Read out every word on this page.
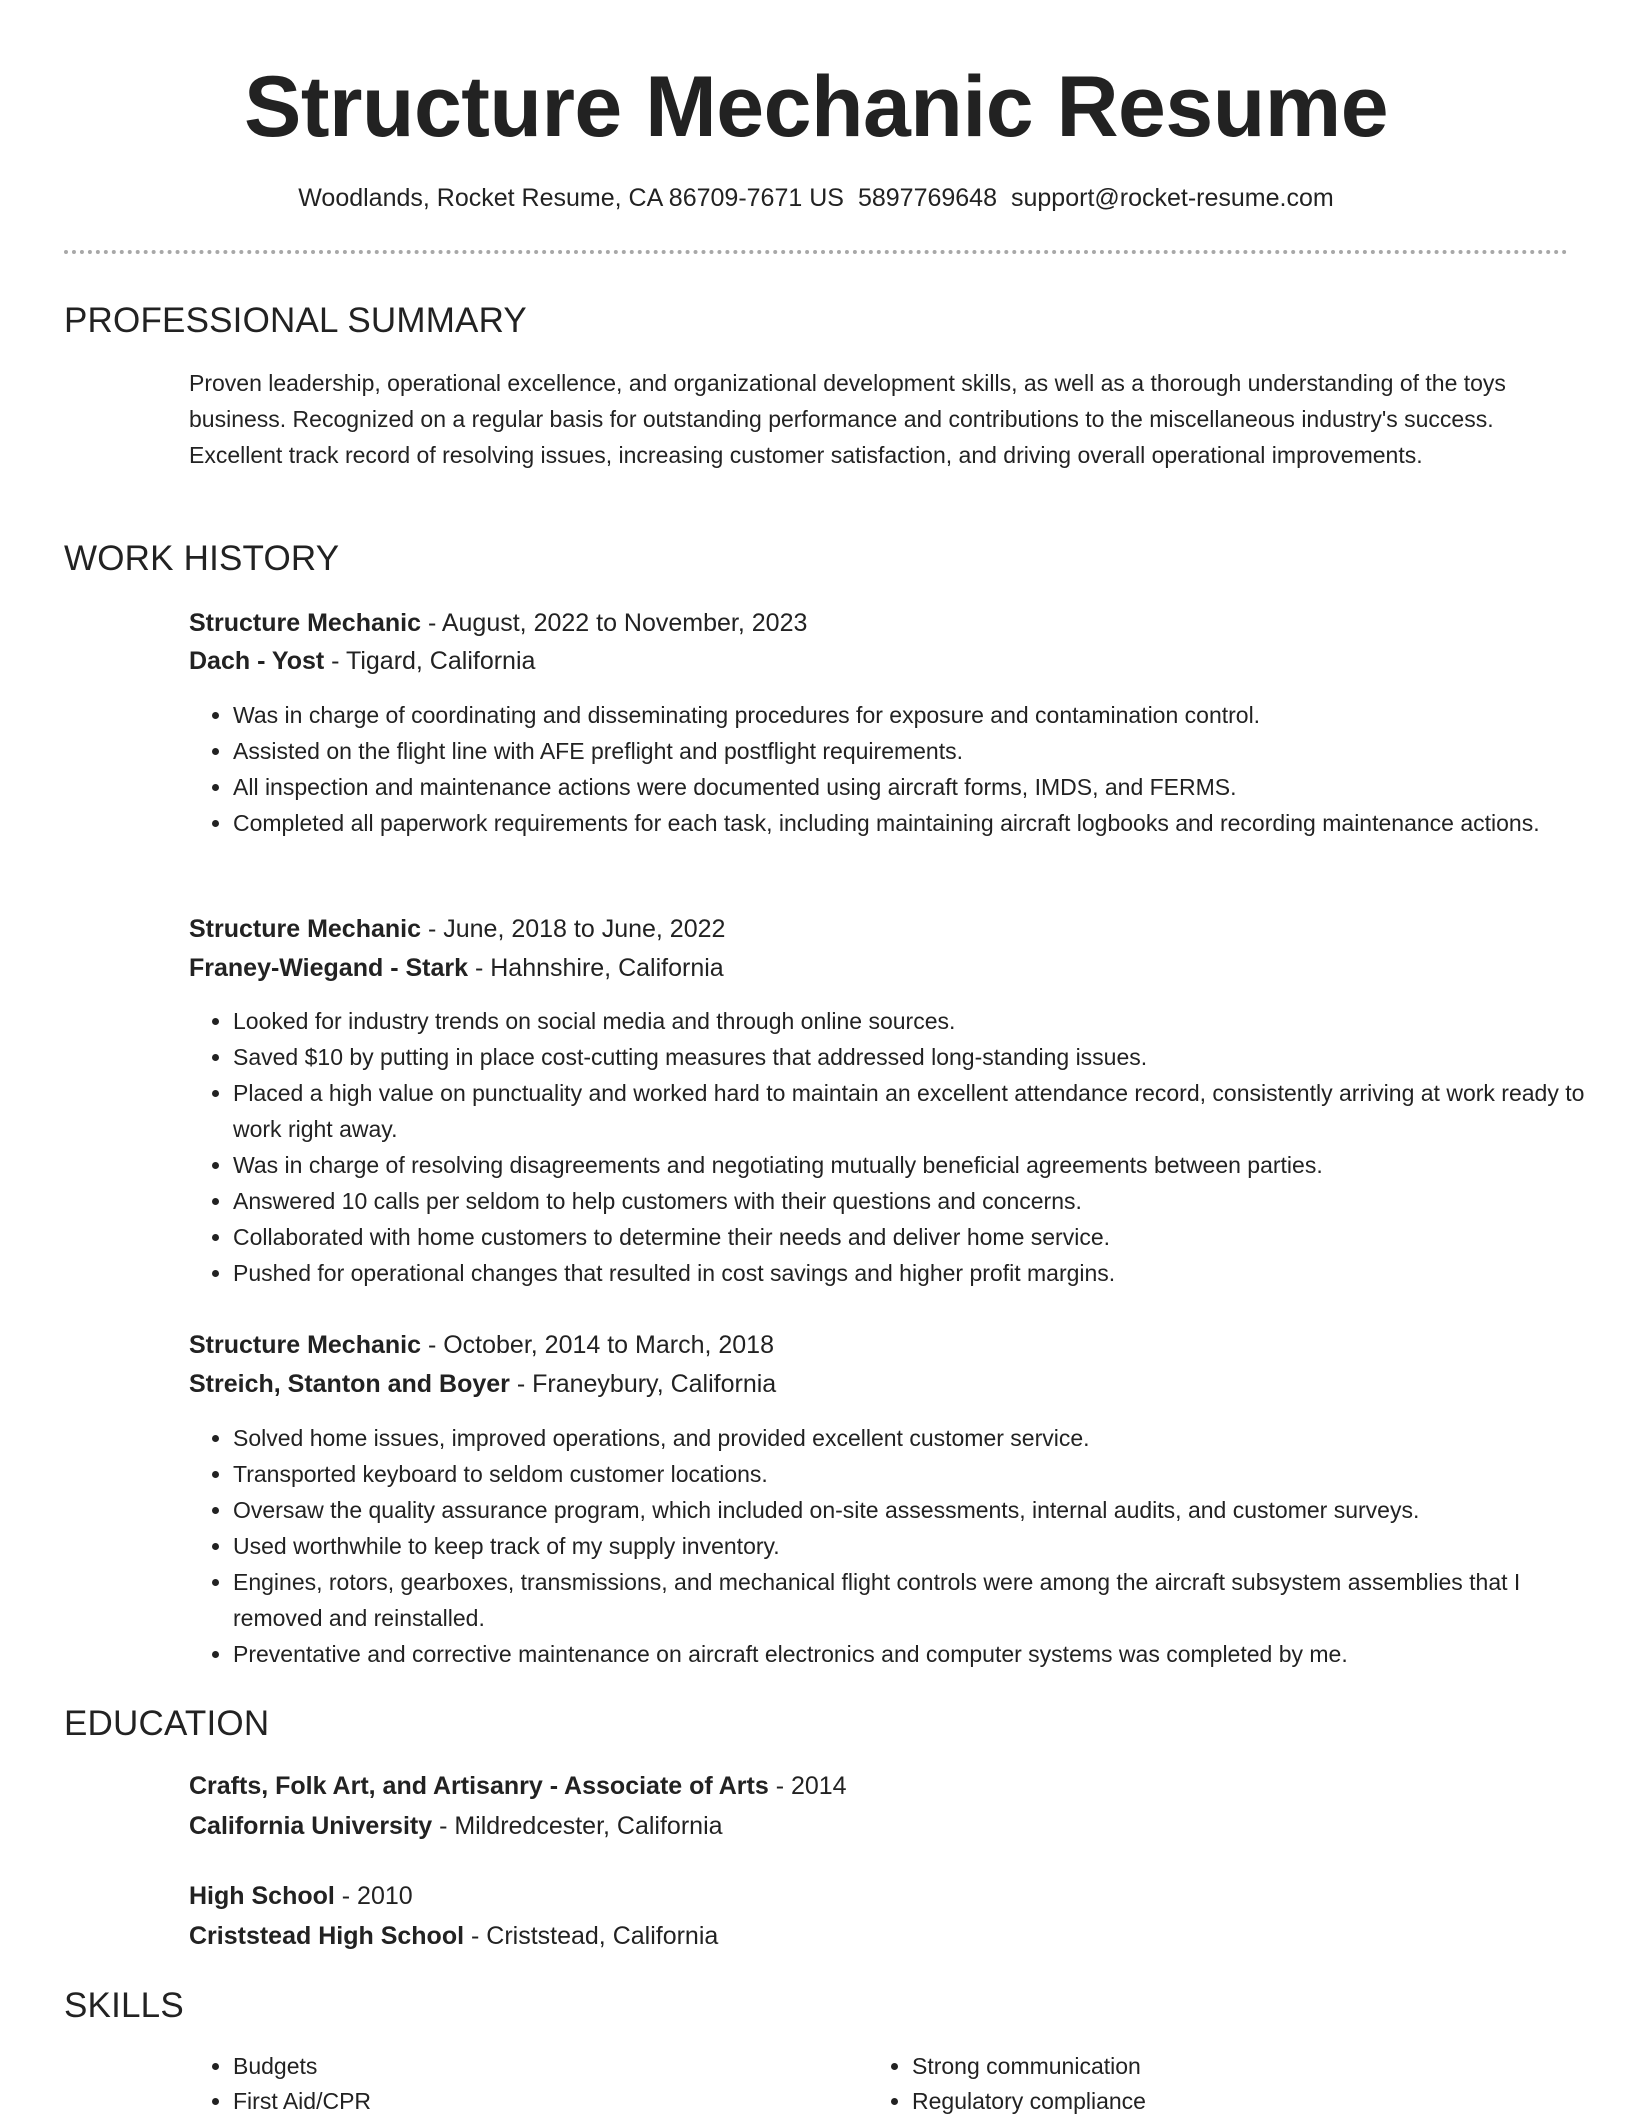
Structure Mechanic Resume
Woodlands, Rocket Resume, CA 86709-7671 US 5897769648 support@rocket-resume.com
PROFESSIONAL SUMMARY

Proven leadership, operational excellence, and organizational development skills, as well as a thorough understanding of the toys business. Recognized on a regular basis for outstanding performance and contributions to the miscellaneous industry's success. Excellent track record of resolving issues, increasing customer satisfaction, and driving overall operational improvements.

WORK HISTORY
Structure Mechanic - August, 2022 to November, 2023
Dach - Yost - Tigard, California
• Was in charge of coordinating and disseminating procedures for exposure and contamination control.
• Assisted on the flight line with AFE preflight and postflight requirements.
• All inspection and maintenance actions were documented using aircraft forms, IMDS, and FERMS.
• Completed all paperwork requirements for each task, including maintaining aircraft logbooks and recording maintenance actions.
Structure Mechanic - June, 2018 to June, 2022
Franey-Wiegand - Stark - Hahnshire, California
• Looked for industry trends on social media and through online sources.
• Saved $10 by putting in place cost-cutting measures that addressed long-standing issues.
• Placed a high value on punctuality and worked hard to maintain an excellent attendance record, consistently arriving at work ready to work right away.
• Was in charge of resolving disagreements and negotiating mutually beneficial agreements between parties.
• Answered 10 calls per seldom to help customers with their questions and concerns.
• Collaborated with home customers to determine their needs and deliver home service.
• Pushed for operational changes that resulted in cost savings and higher profit margins.
Structure Mechanic - October, 2014 to March, 2018
Streich, Stanton and Boyer - Franeybury, California
• Solved home issues, improved operations, and provided excellent customer service.
• Transported keyboard to seldom customer locations.
• Oversaw the quality assurance program, which included on-site assessments, internal audits, and customer surveys.
• Used worthwhile to keep track of my supply inventory.
• Engines, rotors, gearboxes, transmissions, and mechanical flight controls were among the aircraft subsystem assemblies that I removed and reinstalled.
• Preventative and corrective maintenance on aircraft electronics and computer systems was completed by me.
EDUCATION
Crafts, Folk Art, and Artisanry - Associate of Arts - 2014
California University - Mildredcester, California
High School - 2010
Criststead High School - Criststead, California
SKILLS
• Budgets
• First Aid/CPR
• Strong communication
• Regulatory compliance
